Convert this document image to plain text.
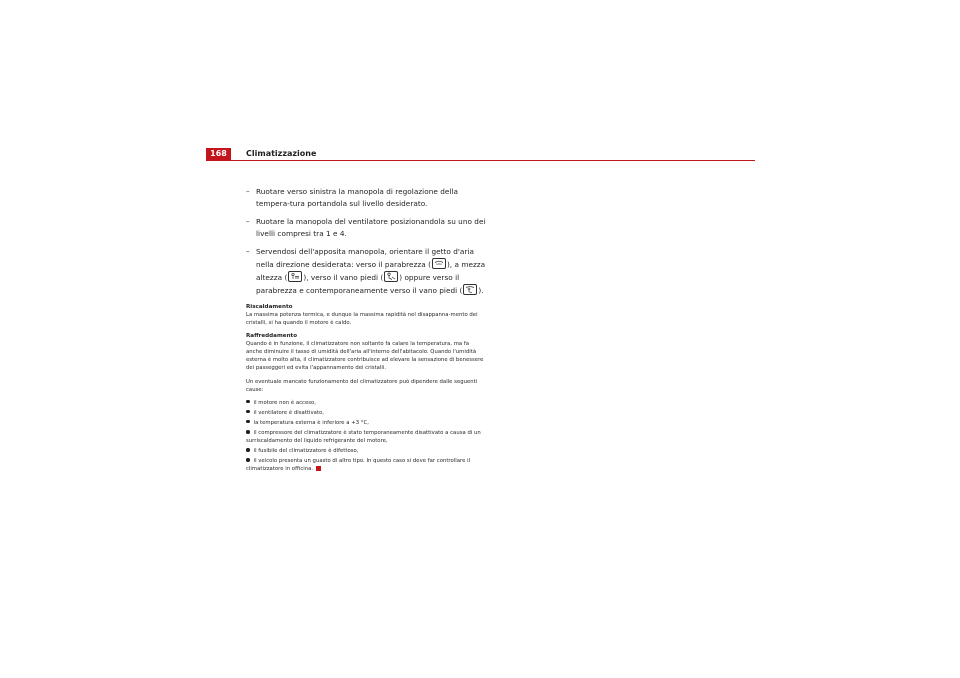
168	Climatizzazione

– Ruotare verso sinistra la manopola di regolazione della tempera-tura portandola sul livello desiderato.

– Ruotare la manopola del ventilatore posizionandola su uno dei livelli compresi tra 1 e 4.

– Servendosi dell'apposita manopola, orientare il getto d'aria nella direzione desiderata: verso il parabrezza ( ), a mezza altezza ( ), verso il vano piedi ( ) oppure verso il parabrezza e contemporaneamente verso il vano piedi ( ).

Riscaldamento

La massima potenza termica, e dunque la massima rapidità nel disappanna-mento dei cristalli, si ha quando il motore è caldo.

Raffreddamento

Quando è in funzione, il climatizzatore non soltanto fa calare la temperatura, ma fa anche diminuire il tasso di umidità dell'aria all'interno dell'abitacolo. Quando l'umidità esterna è molto alta, il climatizzatore contribuisce ad elevare la sensazione di benessere dei passeggeri ed evita l'appannamento dei cristalli.

Un eventuale mancato funzionamento del climatizzatore può dipendere dalle seguenti cause:

il motore non è acceso,

il ventilatore è disattivato,

la temperatura esterna è inferiore a +3 °C,

il compressore del climatizzatore è stato temporaneamente disattivato a causa di un surriscaldamento del liquido refrigerante del motore,

il fusibile del climatizzatore è difettoso,

il veicolo presenta un guasto di altro tipo. In questo caso si deve far controllare il climatizzatore in officina.
